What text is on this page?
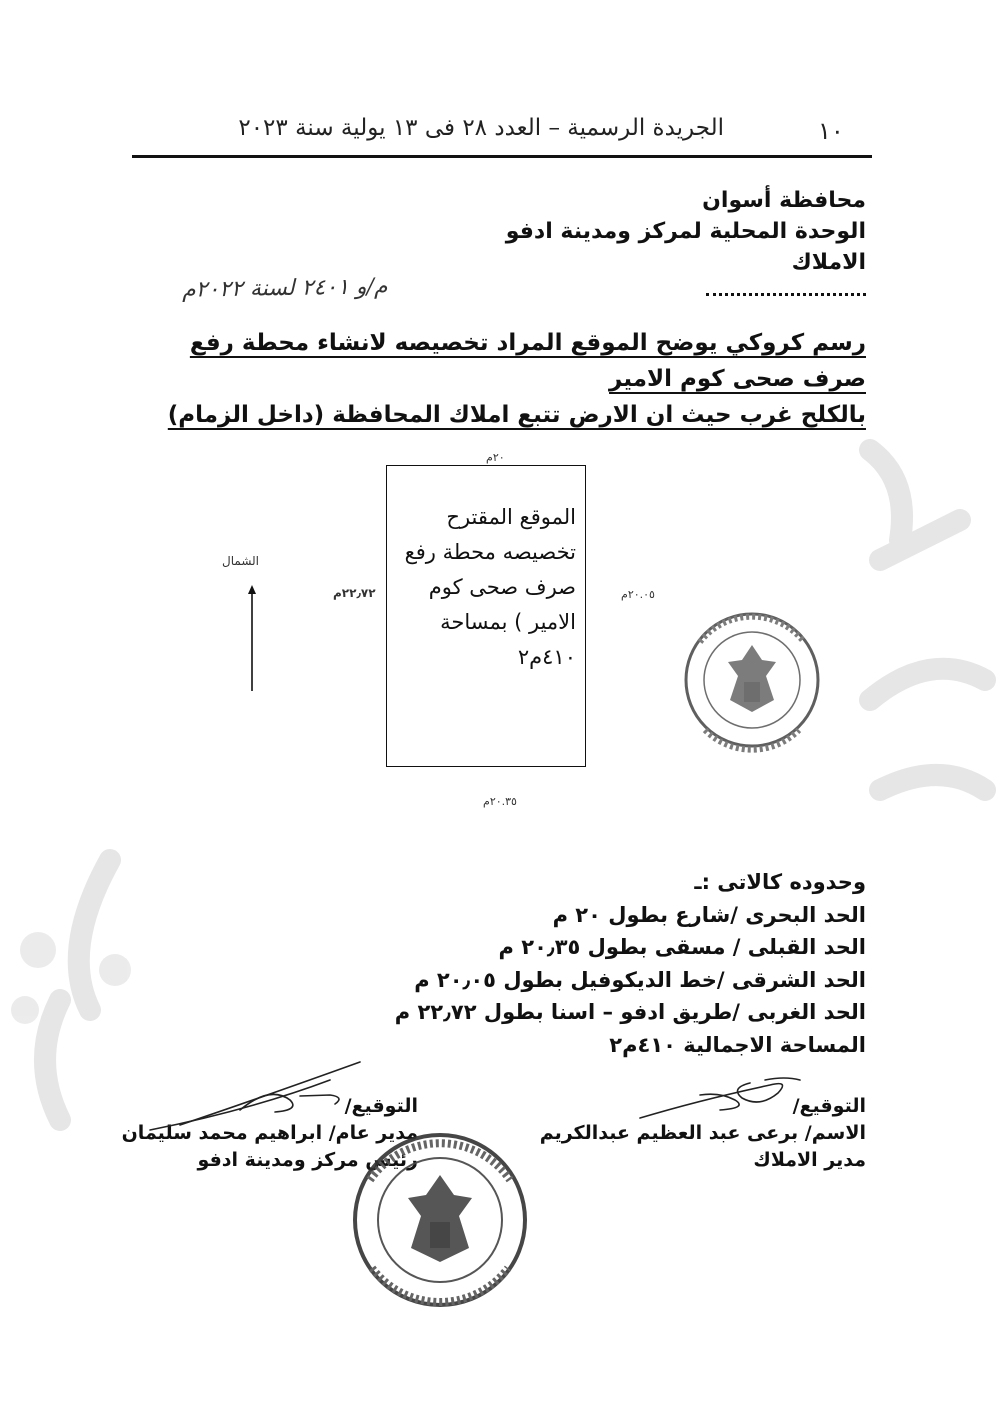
١٠
الجريدة الرسمية – العدد ٢٨ فى ١٣ يولية سنة ٢٠٢٣
محافظة أسوان
الوحدة المحلية لمركز ومدينة ادفو
الاملاك
م/و ٢٤٠١ لسنة ٢٠٢٢م
رسم كروكي يوضح الموقع المراد تخصيصه لانشاء محطة رفع صرف صحى كوم الامير
بالكلح غرب حيث ان الارض تتبع املاك المحافظة (داخل الزمام)
الموقع المقترح
تخصيصه محطة رفع
صرف صحى كوم
الامير ) بمساحة
٤١٠م٢
٢٠م
٢٠.٣٥م
٢٠.٠٥م
٢٢٫٧٢م
الشمال
وحدوده كالاتى :ـ
الحد البحرى /شارع بطول ٢٠ م
الحد القبلى / مسقى بطول ٢٠٫٣٥ م
الحد الشرقى /خط الديكوفيل بطول ٢٠٫٠٥ م
الحد الغربى /طريق ادفو – اسنا بطول ٢٢٫٧٢ م
المساحة الاجمالية ٤١٠م٢
التوقيع/
الاسم/ برعى عبد العظيم عبدالكريم
مدير الاملاك
التوقيع/
مدير عام/ ابراهيم محمد سليمان
رئيس مركز ومدينة ادفو
